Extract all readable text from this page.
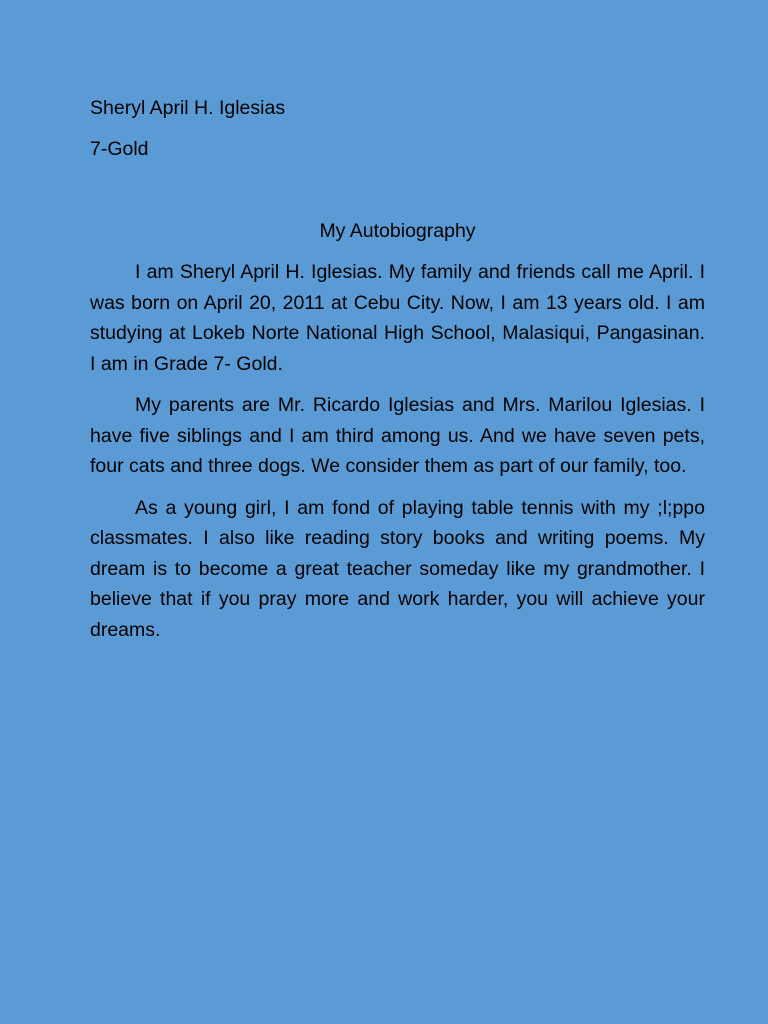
Sheryl April H. Iglesias

7-Gold

My Autobiography

I am Sheryl April H. Iglesias. My family and friends call me April. I was born on April 20, 2011 at Cebu City. Now, I am 13 years old. I am studying at Lokeb Norte National High School, Malasiqui, Pangasinan. I am in Grade 7- Gold.

My parents are Mr. Ricardo Iglesias and Mrs. Marilou Iglesias. I have five siblings and I am third among us. And we have seven pets, four cats and three dogs. We consider them as part of our family, too.

As a young girl, I am fond of playing table tennis with my ;l;ppo classmates. I also like reading story books and writing poems. My dream is to become a great teacher someday like my grandmother. I believe that if you pray more and work harder, you will achieve your dreams.
